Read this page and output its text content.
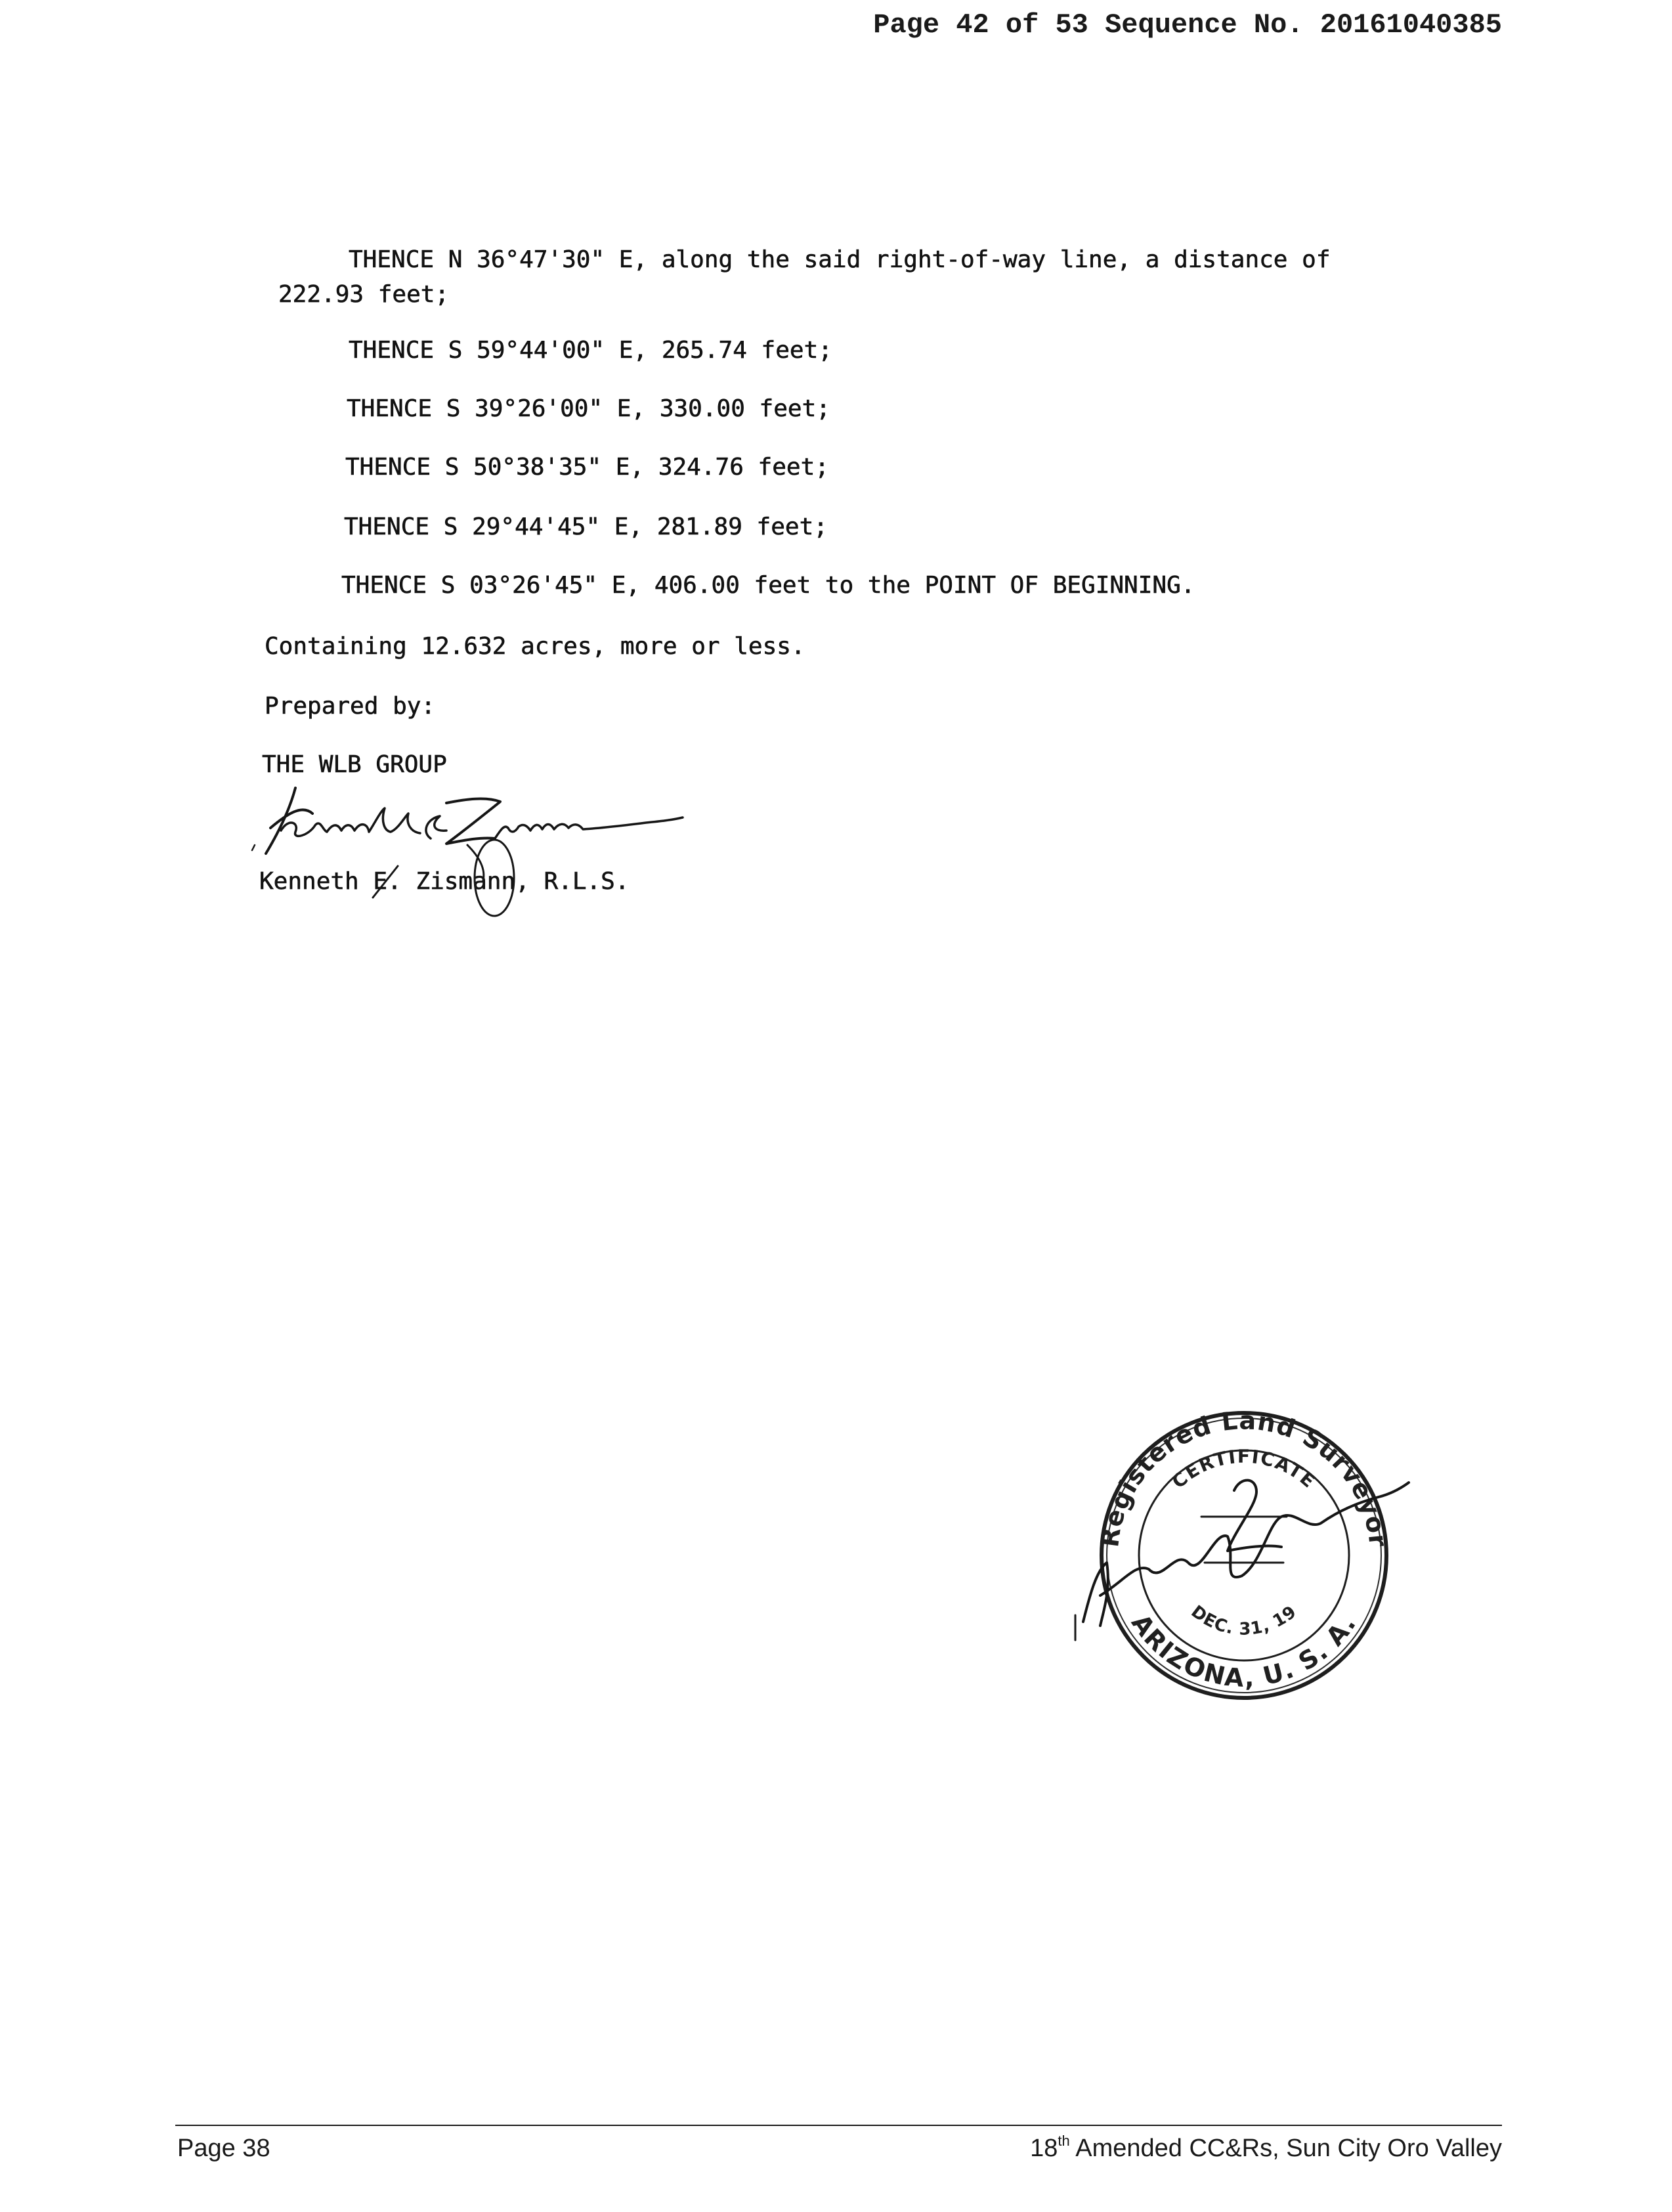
Page 42 of 53 Sequence No. 20161040385
THENCE N 36°47'30" E, along the said right-of-way line, a distance of
222.93 feet;
THENCE S 59°44'00" E, 265.74 feet;
THENCE S 39°26'00" E, 330.00 feet;
THENCE S 50°38'35" E, 324.76 feet;
THENCE S 29°44'45" E, 281.89 feet;
THENCE S 03°26'45" E, 406.00 feet to the POINT OF BEGINNING.
Containing 12.632 acres, more or less.
Prepared by:
THE WLB GROUP
Kenneth E. Zismann, R.L.S.
Registered Land Surveyor
ARIZONA, U. S. A.
CERTIFICATE
DEC. 31, 19
Page 38	18th Amended CC&Rs, Sun City Oro Valley
